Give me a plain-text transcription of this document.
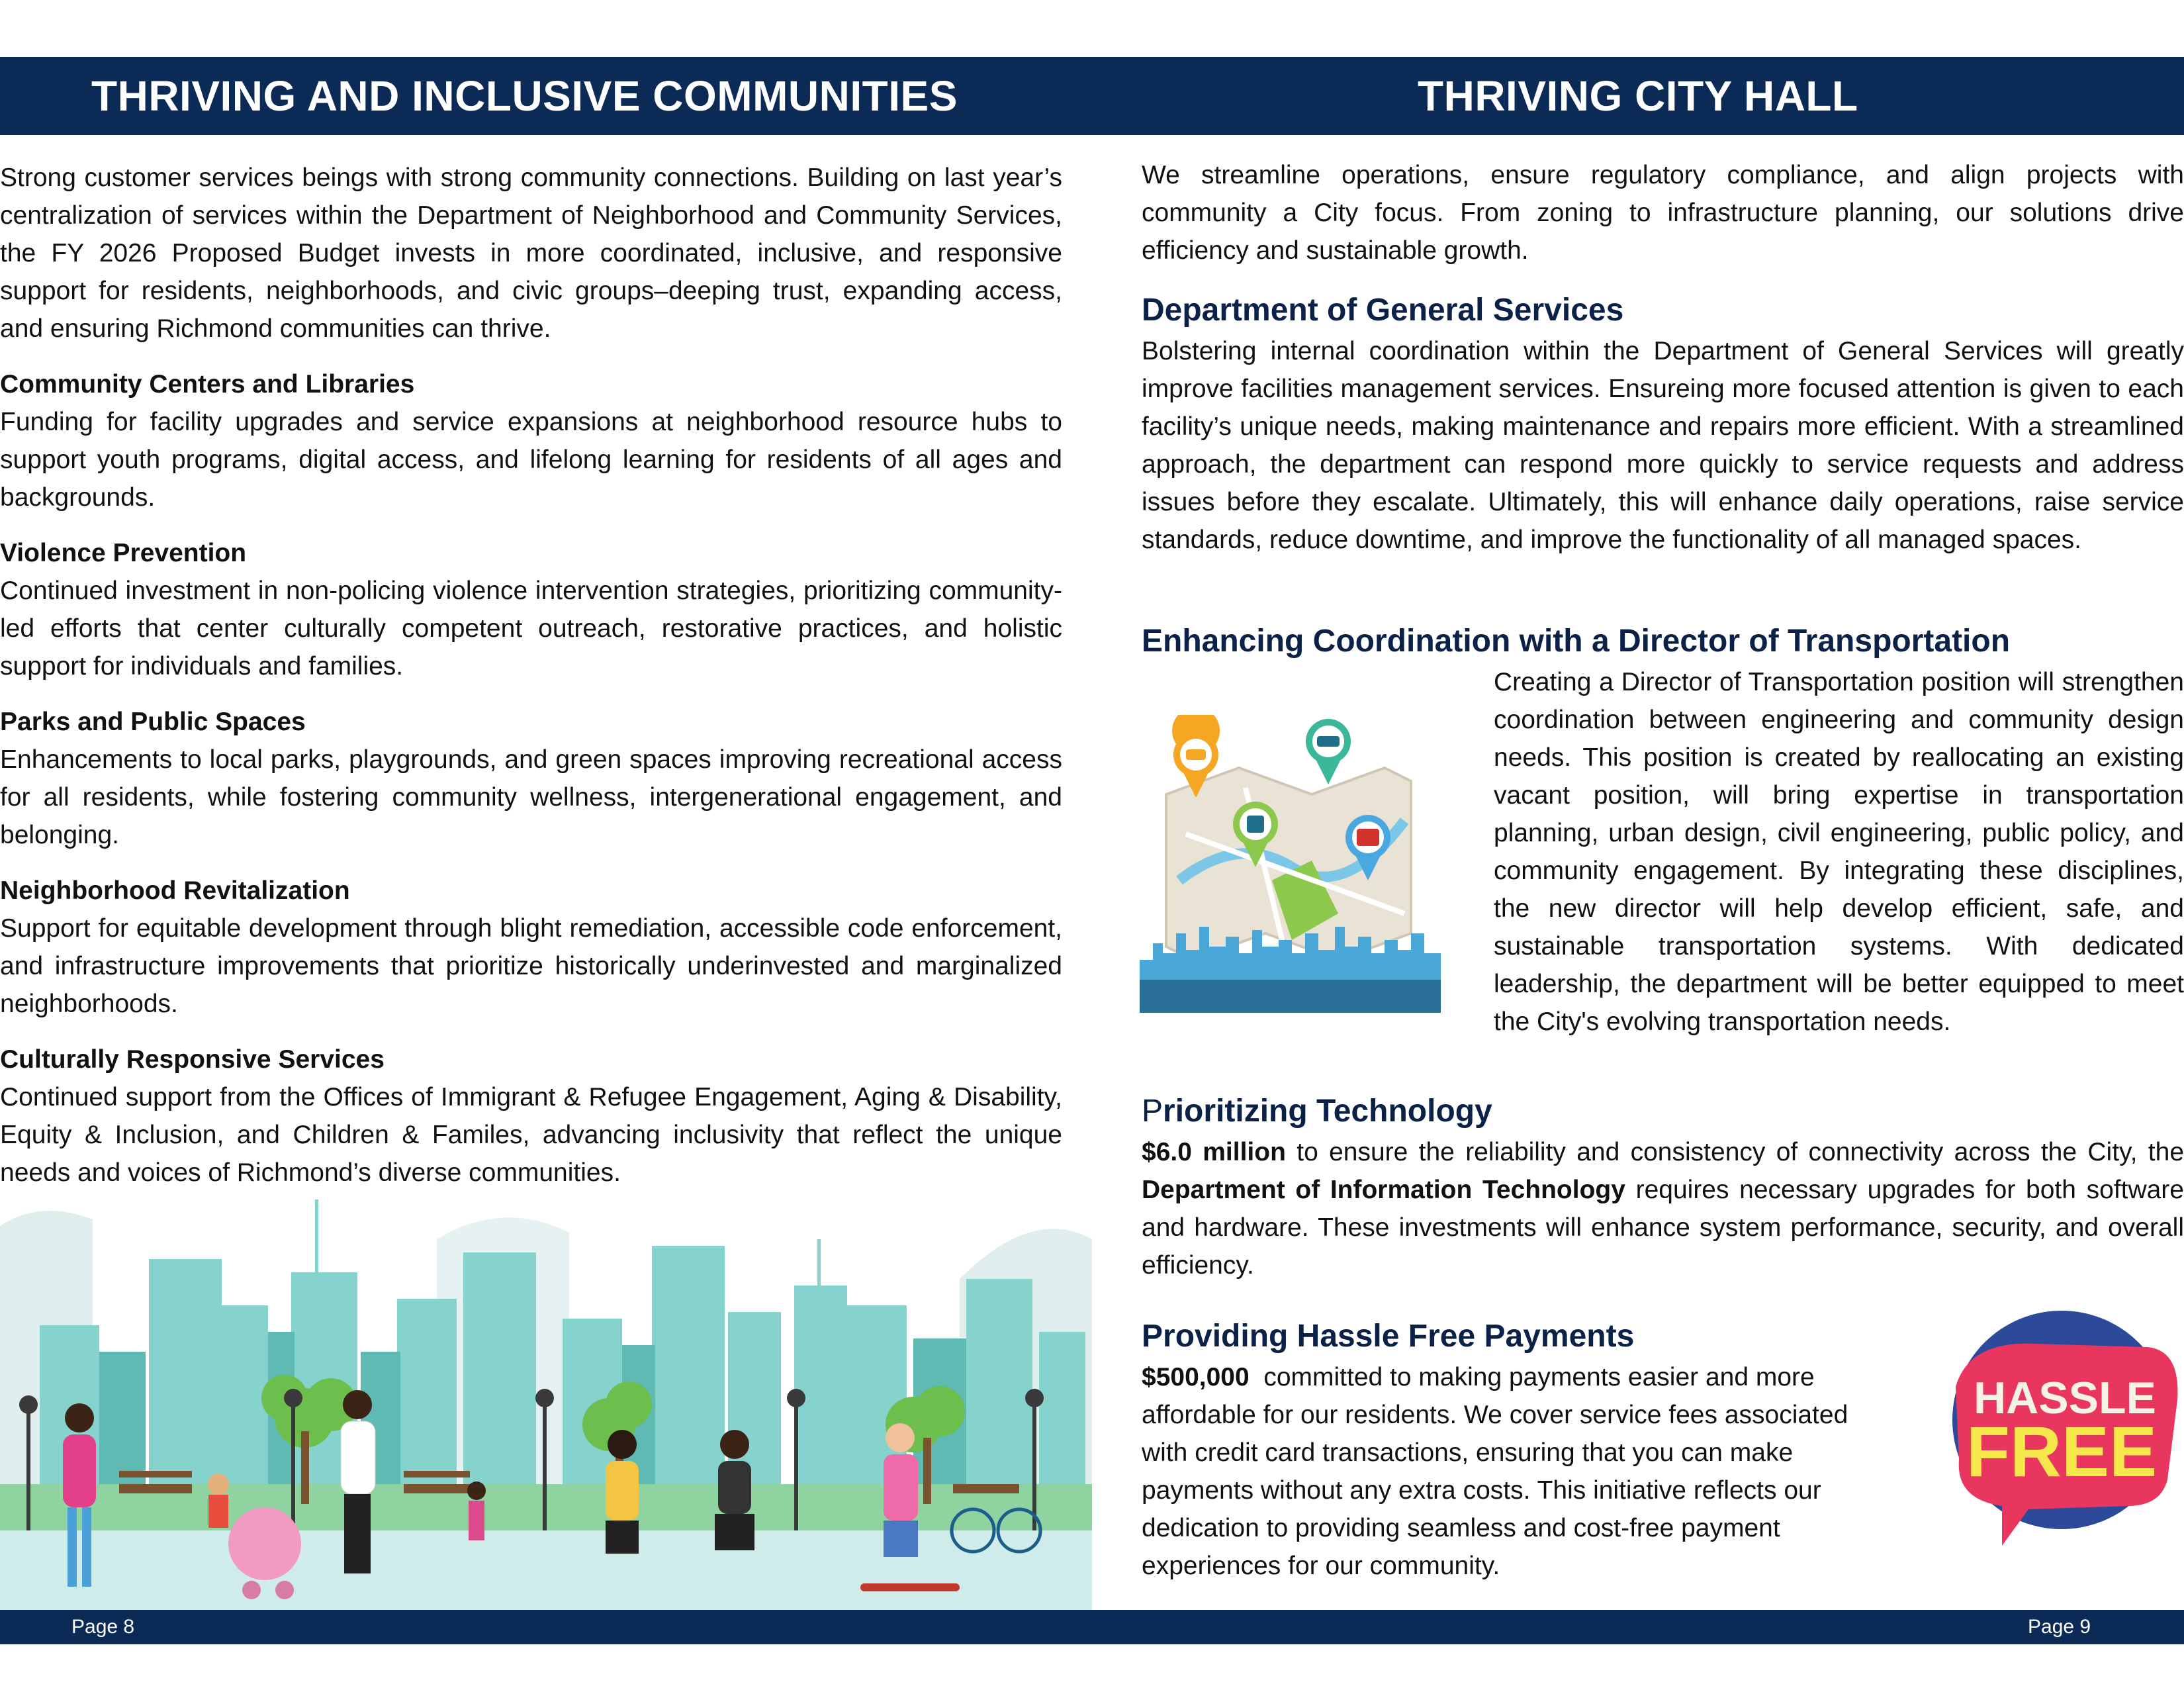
THRIVING AND INCLUSIVE COMMUNITIES	THRIVING CITY HALL

Strong customer services beings with strong community connections. Building on last year’s centralization of services within the Department of Neighborhood and Community Services, the FY 2026 Proposed Budget invests in more coordinated, inclusive, and responsive support for residents, neighborhoods, and civic groups–deeping trust, expanding access, and ensuring Richmond communities can thrive.

Community Centers and Libraries

Funding for facility upgrades and service expansions at neighborhood resource hubs to support youth programs, digital access, and lifelong learning for residents of all ages and backgrounds.

Violence Prevention

Continued investment in non-policing violence intervention strategies, prioritizing community-led efforts that center culturally competent outreach, restorative practices, and holistic support for individuals and families.

Parks and Public Spaces

Enhancements to local parks, playgrounds, and green spaces improving recreational access for all residents, while fostering community wellness, intergenerational engagement, and belonging.

Neighborhood Revitalization

Support for equitable development through blight remediation, accessible code enforcement, and infrastructure improvements that prioritize historically underinvested and marginalized neighborhoods.

Culturally Responsive Services

Continued support from the Offices of Immigrant & Refugee Engagement, Aging & Disability, Equity & Inclusion, and Children & Familes, advancing inclusivity that reflect the unique needs and voices of Richmond’s diverse communities.

We streamline operations, ensure regulatory compliance, and align projects with community a City focus. From zoning to infrastructure planning, our solutions drive efficiency and sustainable growth.

Department of General Services

Bolstering internal coordination within the Department of General Services will greatly improve facilities management services. Ensureing more focused attention is given to each facility’s unique needs, making maintenance and repairs more efficient. With a streamlined approach, the department can respond more quickly to service requests and address issues before they escalate. Ultimately, this will enhance daily operations, raise service standards, reduce downtime, and improve the functionality of all managed spaces.

Enhancing Coordination with a Director of Transportation

Creating a Director of Transportation position will strengthen coordination between engineering and community design needs. This position is created by reallocating an existing vacant position, will bring expertise in transportation planning, urban design, civil engineering, public policy, and community engagement. By integrating these disciplines, the new director will help develop efficient, safe, and sustainable transportation systems. With dedicated leadership, the department will be better equipped to meet the City's evolving transportation needs.

Prioritizing Technology

$6.0 million to ensure the reliability and consistency of connectivity across the City, the Department of Information Technology requires necessary upgrades for both software and hardware. These investments will enhance system performance, security, and overall efficiency.

Providing Hassle Free Payments

$500,000  committed to making payments easier and more affordable for our residents. We cover service fees associated with credit card transactions, ensuring that you can make payments without any extra costs. This initiative reflects our dedication to providing seamless and cost-free payment experiences for our community.

HASSLE
FREE
Page 8	Page 9
